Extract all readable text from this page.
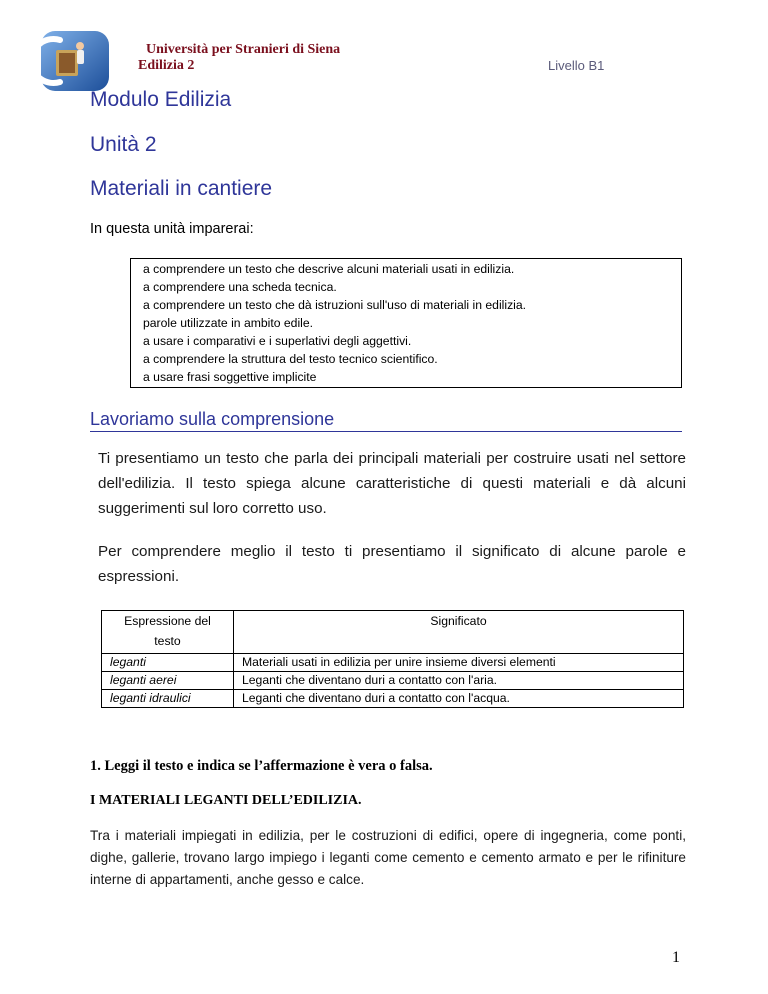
Università per Stranieri di Siena
Edilizia 2	Livello B1
Modulo Edilizia
Unità 2
Materiali in cantiere
In questa unità imparerai:
a comprendere un testo che descrive alcuni materiali usati in edilizia.
a comprendere una scheda tecnica.
a comprendere un testo che dà istruzioni sull'uso di materiali in edilizia.
parole utilizzate in ambito edile.
a usare i comparativi e i superlativi degli aggettivi.
a comprendere la struttura del testo tecnico scientifico.
a usare frasi soggettive implicite
Lavoriamo sulla comprensione

Ti presentiamo un testo che parla dei principali materiali per costruire usati nel settore dell'edilizia. Il testo spiega alcune caratteristiche di questi materiali e dà alcuni suggerimenti sul loro corretto uso.

Per comprendere meglio il testo ti presentiamo il significato di alcune parole e espressioni.

Espressione del testo	Significato
leganti	Materiali usati in edilizia per unire insieme diversi elementi
leganti aerei	Leganti che diventano duri a contatto con l'aria.
leganti idraulici	Leganti che diventano duri a contatto con l'acqua.
1. Leggi il testo e indica se l’affermazione è vera o falsa.
I MATERIALI LEGANTI DELL’EDILIZIA.

Tra i materiali impiegati in edilizia, per le costruzioni di edifici, opere di ingegneria, come ponti, dighe, gallerie, trovano largo impiego i leganti come cemento e cemento armato e per le rifiniture interne di appartamenti, anche gesso e calce.

1
